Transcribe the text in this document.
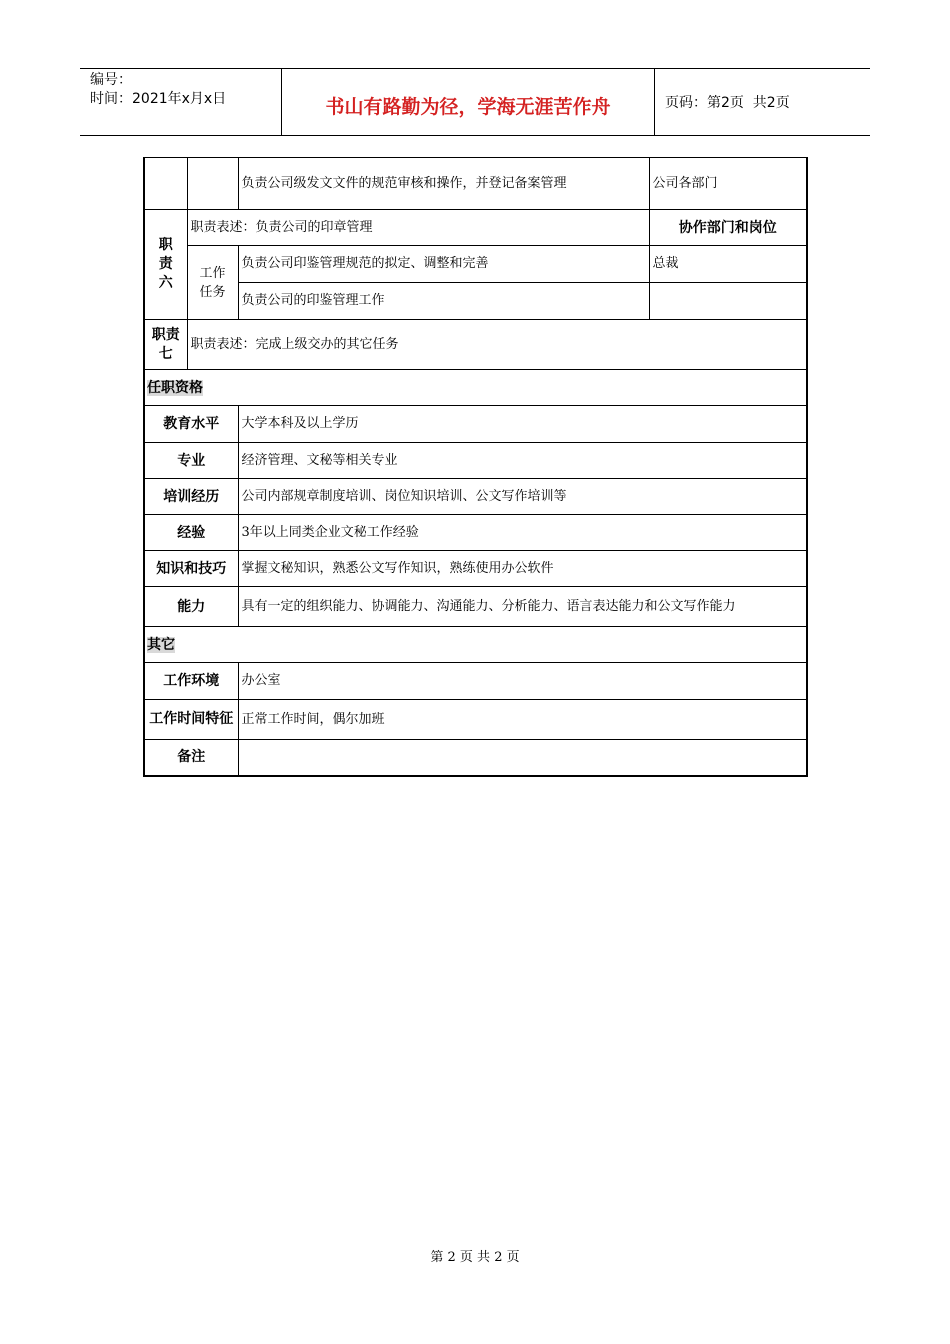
编号：
时间：2021年x月x日	书山有路勤为径，学海无涯苦作舟	页码：第2页  共2页
		负责公司级发文文件的规范审核和操作，并登记备案管理	公司各部门

职责六	职责表述：负责公司的印章管理		协作部门和岗位

	工作任务	负责公司印鉴管理规范的拟定、调整和完善	总裁
		负责公司的印鉴管理工作	

职责七	职责表述：完成上级交办的其它任务		
任职资格			
教育水平		大学本科及以上学历	
专业		经济管理、文秘等相关专业	
培训经历		公司内部规章制度培训、岗位知识培训、公文写作培训等	
经验		3年以上同类企业文秘工作经验	
知识和技巧		掌握文秘知识，熟悉公文写作知识，熟练使用办公软件	
能力		具有一定的组织能力、协调能力、沟通能力、分析能力、语言表达能力和公文写作能力	
其它			
工作环境		办公室	

工作时间特征		正常工作时间，偶尔加班	
备注			
第 2 页 共 2 页
